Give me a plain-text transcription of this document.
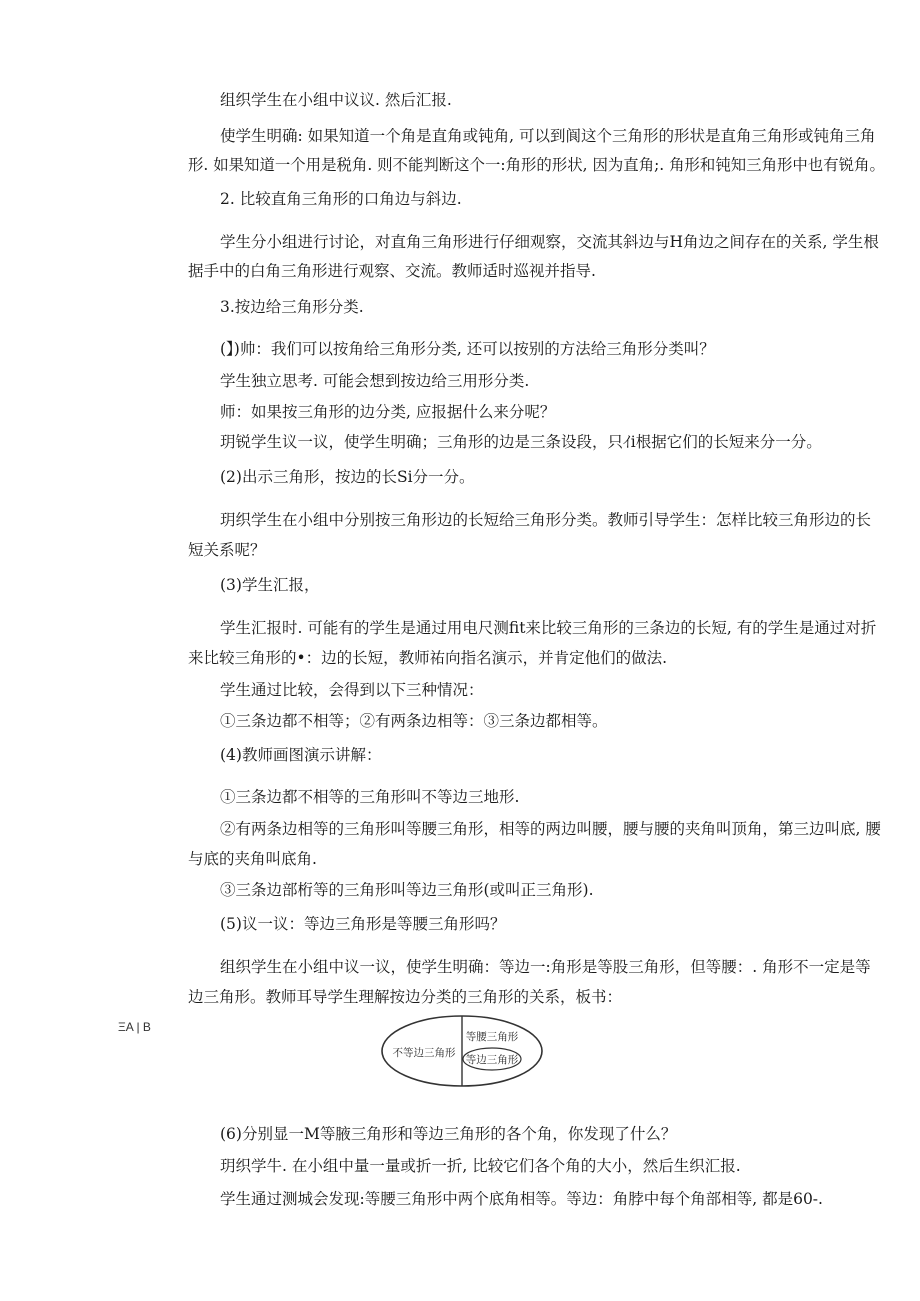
组织学生在小组中议议. 然后汇报.
使学生明确: 如果知道一个角是直角或钝角, 可以到阆这个三角形的形状是直角三角形或钝角三角
形. 如果知道一个用是税角. 则不能判断这个一:角形的形状, 因为直角;. 角形和钝知三角形中也有锐角。
2. 比较直角三角形的口角边与斜边.
学生分小组进行讨论，对直角三角形进行仔细观察，交流其斜边与H角边之间存在的关系, 学生根
据手中的白角三角形进行观察、交流。教师适时巡视并指导.
3.按边给三角形分类.
(】)帅：我们可以按角给三角形分类, 还可以按别的方法给三角形分类叫？
学生独立思考. 可能会想到按边给三用形分类.
师：如果按三角形的边分类, 应报据什么来分呢？
玥锐学生议一议，使学生明确；三角形的边是三条设段，只ｲi根据它们的长短来分一分。
(2)出示三角形，按边的长Si分一分。
玥织学生在小组中分别按三角形边的长短给三角形分类。教师引导学生：怎样比较三角形边的长
短关系呢？
(3)学生汇报，
学生汇报时. 可能有的学生是通过用电尺测fit来比较三角形的三条边的长短, 有的学生是通过对折
来比较三角形的•：边的长短，教师祐向指名演示，并肯定他们的做法.
学生通过比较，会得到以下三种情况：
①三条边都不相等；②有两条边相等：③三条边都相等。
(4)教师画图演示讲解：
①三条边都不相等的三角形叫不等边三地形.
②有两条边相等的三角形叫等腰三角形，相等的两边叫腰，腰与腰的夹角叫顶角，第三边叫底, 腰
与底的夹角叫底角.
③三条边部桁等的三角形叫等边三角形(或叫正三角形).
(5)议一议：等边三角形是等腰三角形吗？
组织学生在小组中议一议，使学生明确：等边一:角形是等股三角形，但等腰：. 角形不一定是等
边三角形。教师耳导学生理解按边分类的三角形的关系，板书：
ΞA | B
不等边三角形
等腰三角形
等边三角形
(6)分别显一M等腋三角形和等边三角形的各个角，你发现了什么？
玥织学牛. 在小组中量一量或折一折, 比较它们各个角的大小，然后生织汇报.
学生通过测城会发现:等腰三角形中两个底角相等。等边：角脖中每个角部相等, 都是60-.
